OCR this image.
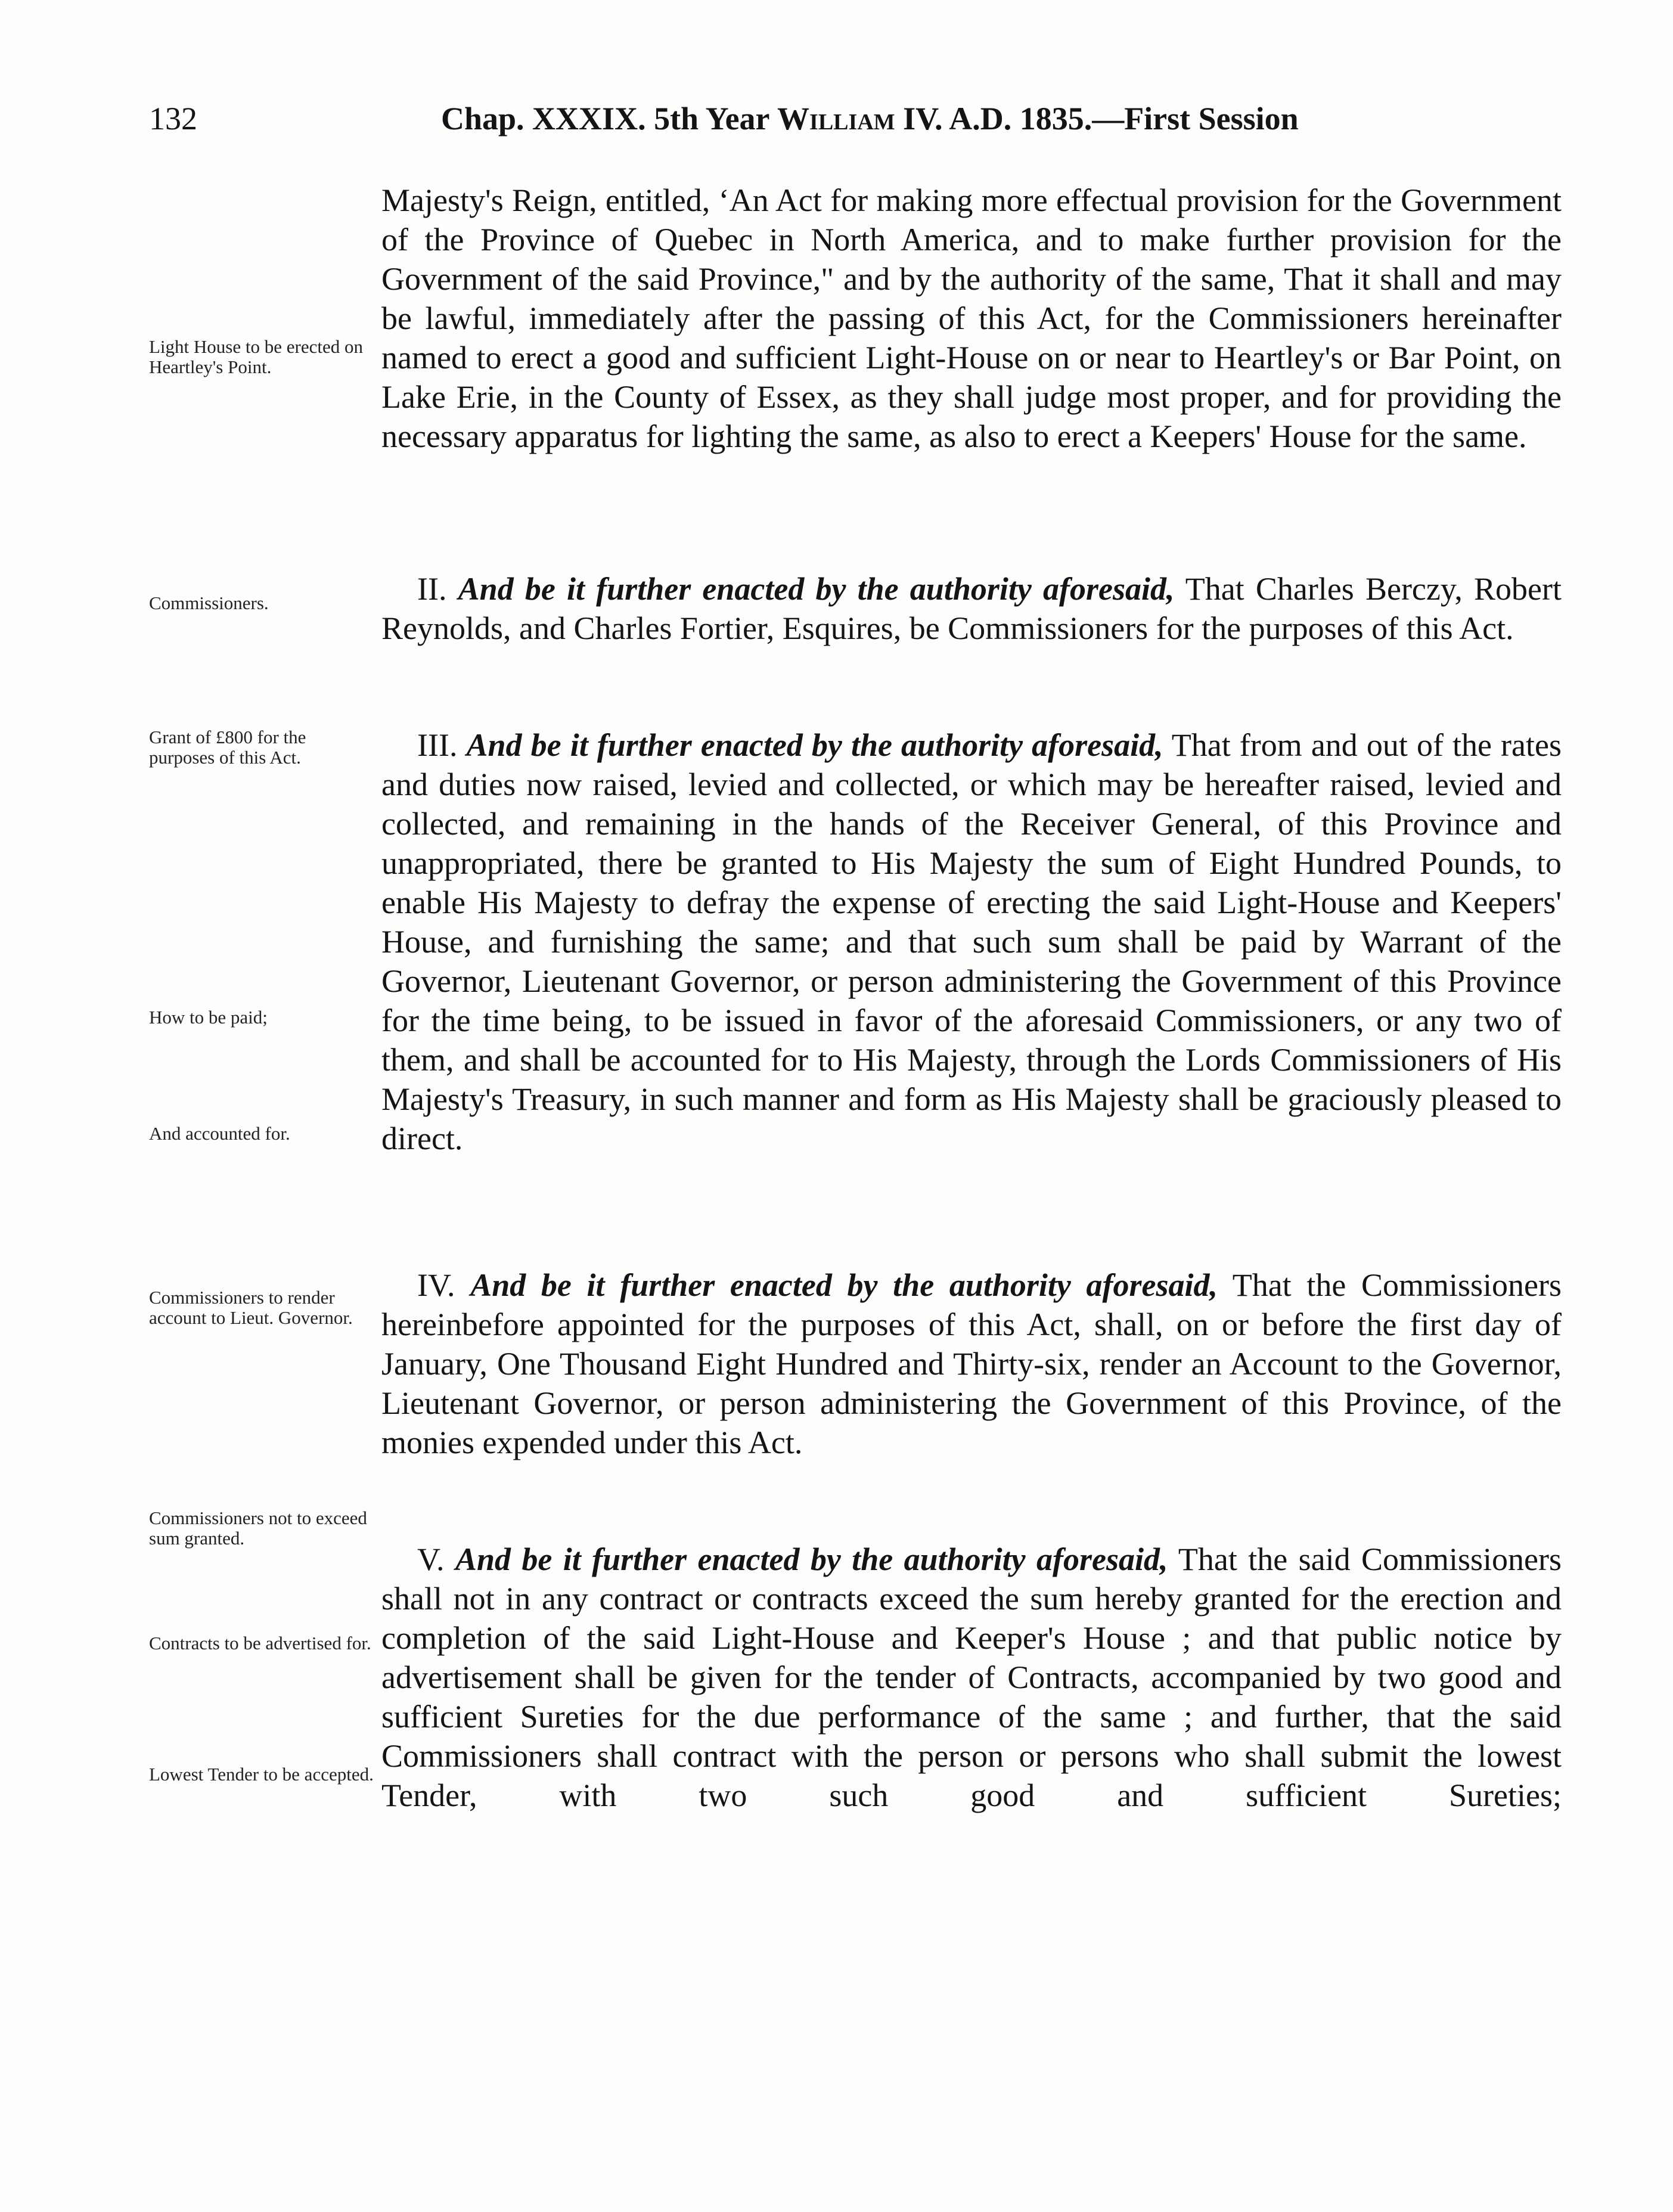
132	Chap. XXXIX. 5th Year William IV. A.D. 1835.—First Session
Majesty's Reign, entitled, ‘An Act for making more effectual provision for the Government of the Province of Quebec in North America, and to make further provision for the Government of the said Province," and by the authority of the same, That it shall and may be lawful, immediately after the passing of this Act, for the Commissioners hereinafter named to erect a good and sufficient Light-House on or near to Heartley's or Bar Point, on Lake Erie, in the County of Essex, as they shall judge most proper, and for providing the necessary apparatus for lighting the same, as also to erect a Keepers' House for the same.
II. And be it further enacted by the authority aforesaid, That Charles Berczy, Robert Reynolds, and Charles Fortier, Esquires, be Commissioners for the purposes of this Act.
III. And be it further enacted by the authority aforesaid, That from and out of the rates and duties now raised, levied and collected, or which may be hereafter raised, levied and collected, and remaining in the hands of the Receiver General, of this Province and unappropriated, there be granted to His Majesty the sum of Eight Hundred Pounds, to enable His Majesty to defray the expense of erecting the said Light-House and Keepers' House, and furnishing the same; and that such sum shall be paid by Warrant of the Governor, Lieutenant Governor, or person administering the Government of this Province for the time being, to be issued in favor of the aforesaid Commissioners, or any two of them, and shall be accounted for to His Majesty, through the Lords Commissioners of His Majesty's Treasury, in such manner and form as His Majesty shall be graciously pleased to direct.
IV. And be it further enacted by the authority aforesaid, That the Commissioners hereinbefore appointed for the purposes of this Act, shall, on or before the first day of January, One Thousand Eight Hundred and Thirty-six, render an Account to the Governor, Lieutenant Governor, or person administering the Government of this Province, of the monies expended under this Act.
V. And be it further enacted by the authority aforesaid, That the said Commissioners shall not in any contract or contracts exceed the sum hereby granted for the erection and completion of the said Light-House and Keeper's House ; and that public notice by advertisement shall be given for the tender of Contracts, accompanied by two good and sufficient Sureties for the due performance of the same ; and further, that the said Commissioners shall contract with the person or persons who shall submit the lowest Tender, with two such good and sufficient Sureties;
Light House to be erected on Heartley's Point.
Commissioners.
Grant of £800 for the purposes of this Act.
How to be paid;
And accounted for.
Commissioners to render account to Lieut. Governor.
Commissioners not to exceed sum granted.
Contracts to be advertised for.
Lowest Tender to be accepted.
